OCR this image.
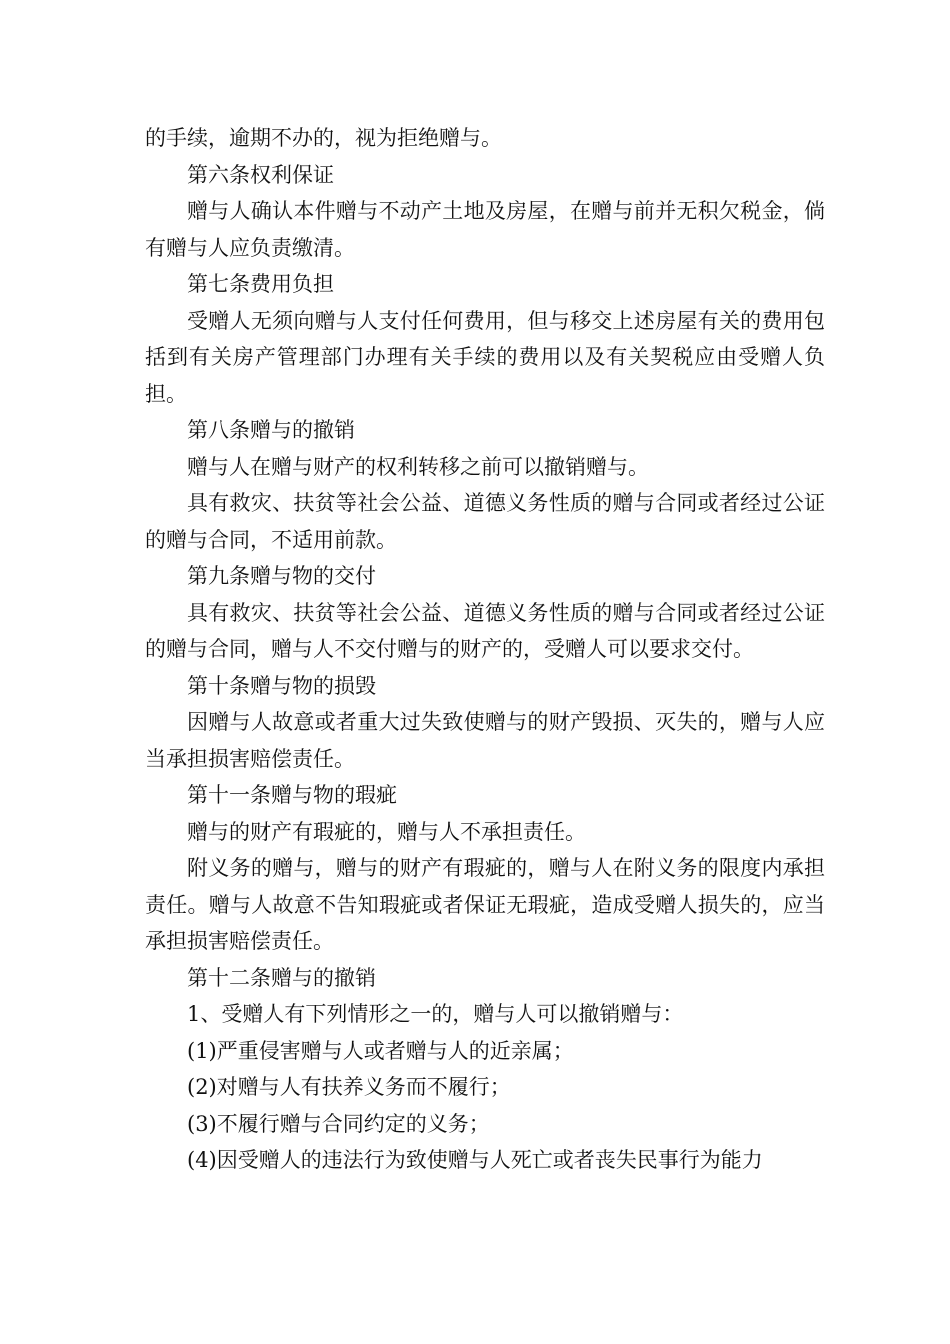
的手续，逾期不办的，视为拒绝赠与。

第六条权利保证

赠与人确认本件赠与不动产土地及房屋，在赠与前并无积欠税金，倘有赠与人应负责缴清。

第七条费用负担

受赠人无须向赠与人支付任何费用，但与移交上述房屋有关的费用包括到有关房产管理部门办理有关手续的费用以及有关契税应由受赠人负担。

第八条赠与的撤销

赠与人在赠与财产的权利转移之前可以撤销赠与。

具有救灾、扶贫等社会公益、道德义务性质的赠与合同或者经过公证的赠与合同，不适用前款。

第九条赠与物的交付

具有救灾、扶贫等社会公益、道德义务性质的赠与合同或者经过公证的赠与合同，赠与人不交付赠与的财产的，受赠人可以要求交付。

第十条赠与物的损毁

因赠与人故意或者重大过失致使赠与的财产毁损、灭失的，赠与人应当承担损害赔偿责任。

第十一条赠与物的瑕疵

赠与的财产有瑕疵的，赠与人不承担责任。

附义务的赠与，赠与的财产有瑕疵的，赠与人在附义务的限度内承担责任。赠与人故意不告知瑕疵或者保证无瑕疵，造成受赠人损失的，应当承担损害赔偿责任。

第十二条赠与的撤销

1、受赠人有下列情形之一的，赠与人可以撤销赠与：

(1)严重侵害赠与人或者赠与人的近亲属；

(2)对赠与人有扶养义务而不履行；

(3)不履行赠与合同约定的义务；

(4)因受赠人的违法行为致使赠与人死亡或者丧失民事行为能力
